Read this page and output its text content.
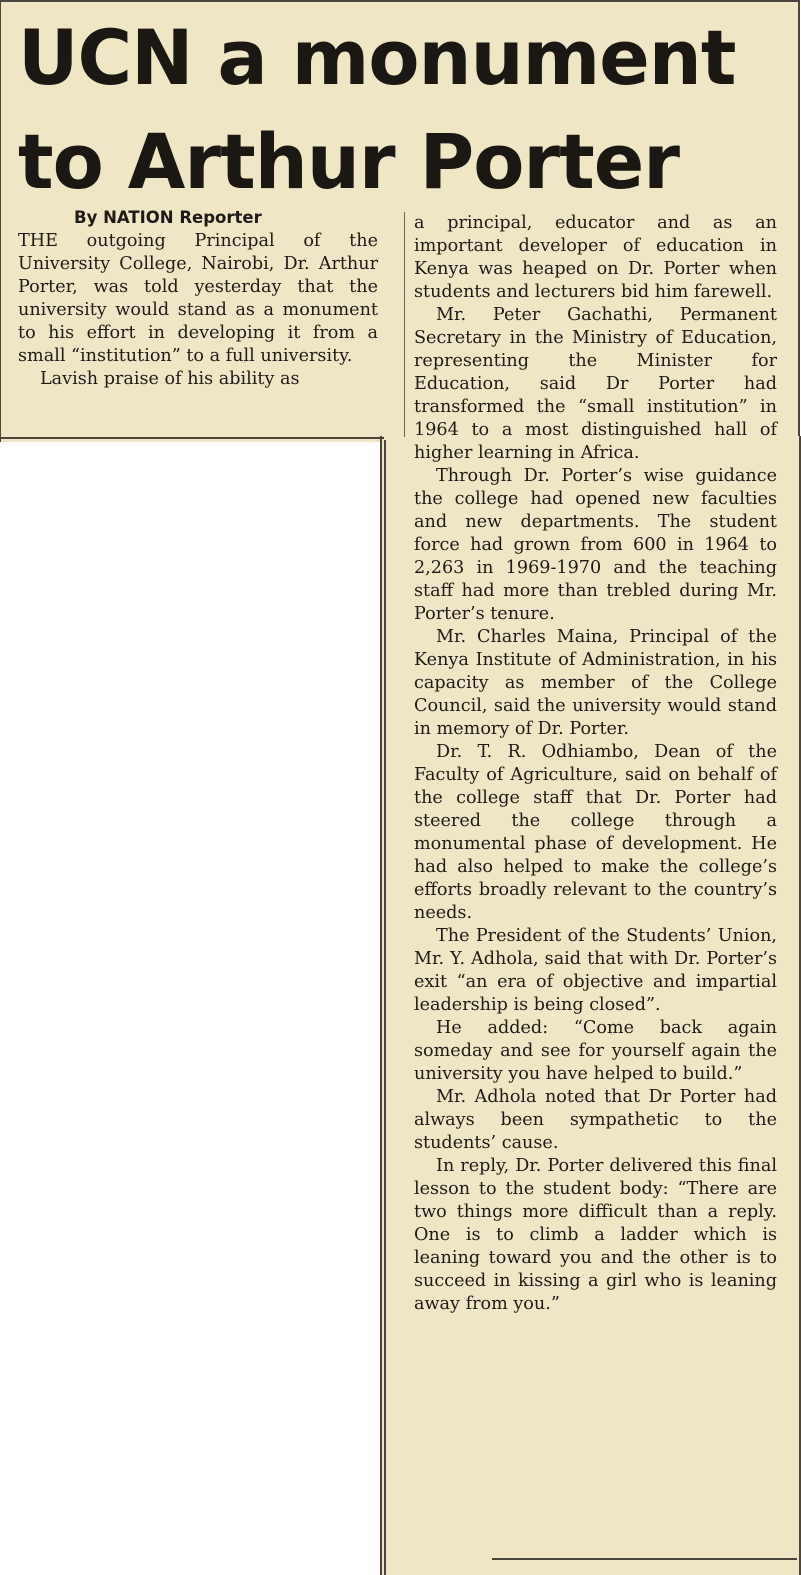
UCN a monument
to Arthur Porter
By NATION Reporter

THE outgoing Principal of the University College, Nairobi, Dr. Arthur Porter, was told yesterday that the university would stand as a monument to his effort in developing it from a small “institution” to a full university.

Lavish praise of his ability as

a principal, educator and as an important developer of education in Kenya was heaped on Dr. Porter when students and lecturers bid him farewell.

Mr. Peter Gachathi, Permanent Secretary in the Ministry of Education, representing the Minister for Education, said Dr Porter had transformed the “small institution” in 1964 to a most distinguished hall of higher learning in Africa.

Through Dr. Porter’s wise guidance the college had opened new faculties and new departments. The student force had grown from 600 in 1964 to 2,263 in 1969-1970 and the teaching staff had more than trebled during Mr. Porter’s tenure.

Mr. Charles Maina, Principal of the Kenya Institute of Administration, in his capacity as member of the College Council, said the university would stand in memory of Dr. Porter.

Dr. T. R. Odhiambo, Dean of the Faculty of Agriculture, said on behalf of the college staff that Dr. Porter had steered the college through a monumental phase of development. He had also helped to make the college’s efforts broadly relevant to the country’s needs.

The President of the Students’ Union, Mr. Y. Adhola, said that with Dr. Porter’s exit “an era of objective and impartial leadership is being closed”.

He added: “Come back again someday and see for yourself again the university you have helped to build.”

Mr. Adhola noted that Dr Porter had always been sympathetic to the students’ cause.

In reply, Dr. Porter delivered this final lesson to the student body: “There are two things more difficult than a reply. One is to climb a ladder which is leaning toward you and the other is to succeed in kissing a girl who is leaning away from you.”
